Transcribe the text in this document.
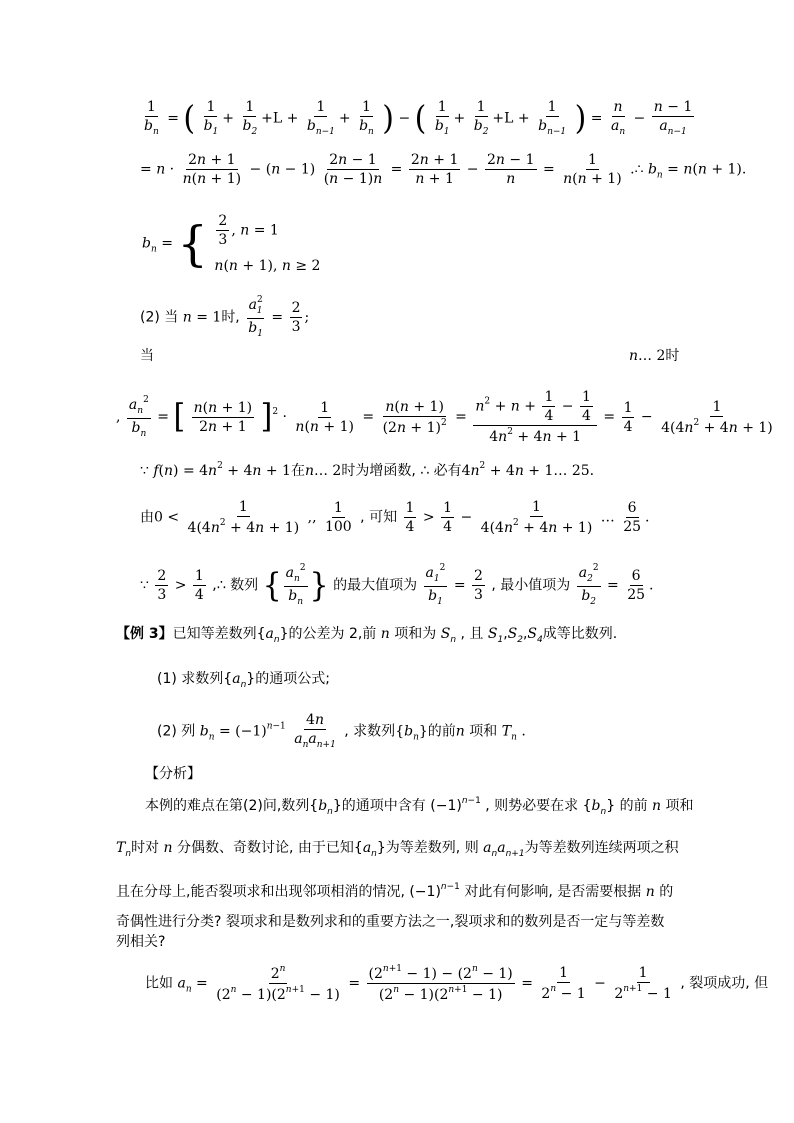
$\frac{1}{b_n}$ = ( $\frac{1}{b_1} + \frac{1}{b_2} +L + \frac{1}{b_{n-1}} + \frac{1}{b_n}$ ) − ( $\frac{1}{b_1} + \frac{1}{b_2} +L + \frac{1}{b_{n-1}}$ ) = $\frac{n}{a_n} - \frac{n - 1}{a_{n-1}}$
= $n \cdot \frac{2n + 1}{n(n + 1)} - (n - 1) \frac{2n - 1}{(n - 1)n} = \frac{2n + 1}{n + 1} - \frac{2n - 1}{n} = \frac{1}{n(n + 1)}$ .∴ $b_n = n(n + 1)$.
$b_n$ = { $\frac{2}{3}$ , n = 1
n(n + 1), n ≥ 2
(2) 当 n = 1时, $\frac{a^2_1}{b_1} = \frac{2}{3}$ ;
当	n… 2时
, $\frac{a_n^2}{b_n}$ = [ $\frac{n(n + 1)}{2n + 1} ]^2 \cdot \frac{1}{n(n + 1)} = \frac{n(n + 1)}{(2n + 1)^2} = \frac{n^2 + n + \frac{1}{4} - \frac{1}{4}}{4n^2 + 4n + 1} = \frac{1}{4} - \frac{1}{4(4n^2 + 4n + 1)}$
∵ $f(n) = 4n^2 + 4n + 1$在n… 2时为增函数, ∴ 必有$4n^2 + 4n$ + 1… 25.
由$0 < \frac{1}{4(4n^2 + 4n + 1)}$ ,, $\frac{1}{100}$ , 可知 $\frac{1}{4} > \frac{1}{4} - \frac{1}{4(4n^2 + 4n + 1)}$ … $\frac{6}{25}$ .
∵ $\frac{2}{3} > \frac{1}{4}$ ,∴ 数列 { $\frac{a_n^2}{b_n}$ } 的最大值项为 $\frac{a_1^2}{b_1} = \frac{2}{3}$ , 最小值项为 $\frac{a_2^2}{b_2} = \frac{6}{25}$ .
【例 3】已知等差数列$\{a_n\}$的公差为 2,前 n 项和为 $S_n$ , 且 $S_1,S_2,S_4$成等比数列.
(1) 求数列$\{a_n\}$的通项公式;
(2) 列 $b_n = (-1)^{n-1} \frac{4n}{a_na_{n+1}}$ , 求数列$\{b_n\}$的前n 项和 $T_n$ .
【分析】
本例的难点在第(2)问,数列$\{b_n\}$的通项中含有 $(-1)^{n-1}$ , 则势必要在求 $\{b_n\}$ 的前 n 项和
$T_n$时对 n 分偶数、奇数讨论, 由于已知$\{a_n\}$为等差数列, 则 $a_na_{n+1}$为等差数列连续两项之积
且在分母上,能否裂项求和出现邻项相消的情况, $(-1)^{n-1}$ 对此有何影响, 是否需要根据 n 的
奇偶性进行分类? 裂项求和是数列求和的重要方法之一,裂项求和的数列是否一定与等差数
列相关?
比如 $a_n = \frac{2^n}{(2^n - 1)(2^{n+1} - 1)} = \frac{(2^{n+1} - 1) - (2^n - 1)}{(2^n - 1)(2^{n+1} - 1)} = \frac{1}{2^n - 1} - \frac{1}{2^{n+1} - 1}$ , 裂项成功, 但
